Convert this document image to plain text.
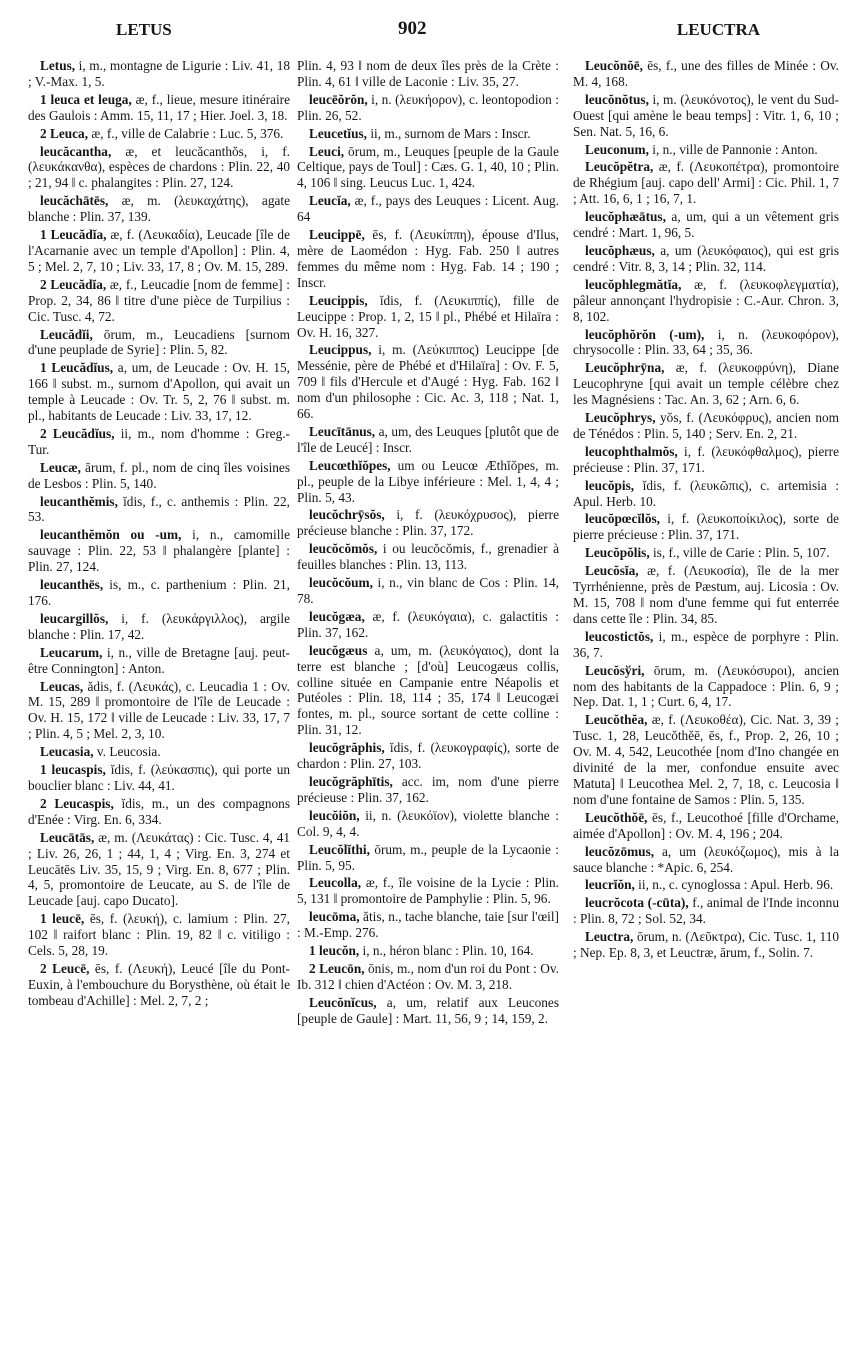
LETUS	902	LEUCTRA

Letus, i, m., montagne de Ligurie : Liv. 41, 18 ; V.-Max. 1, 5.

1 leuca et leuga, æ, f., lieue, mesure itinéraire des Gaulois : Amm. 15, 11, 17 ; Hier. Joel. 3, 18.

2 Leuca, æ, f., ville de Calabrie : Luc. 5, 376.

leucăcantha, æ, et leucăcanthŏs, i, f. (λευκάκανθα), espèces de chardons : Plin. 22, 40 ; 21, 94 ‖ c. phalangites : Plin. 27, 124.

leucăchātēs, æ, m. (λευκαχάτης), agate blanche : Plin. 37, 139.

1 Leucădĭa, æ, f. (Λευκαδία), Leucade [île de l'Acarnanie avec un temple d'Apollon] : Plin. 4, 5 ; Mel. 2, 7, 10 ; Liv. 33, 17, 8 ; Ov. M. 15, 289.

2 Leucădĭa, æ, f., Leucadie [nom de femme] : Prop. 2, 34, 86 ‖ titre d'une pièce de Turpilius : Cic. Tusc. 4, 72.

Leucădĭi, ōrum, m., Leucadiens [surnom d'une peuplade de Syrie] : Plin. 5, 82.

1 Leucădĭus, a, um, de Leucade : Ov. H. 15, 166 ‖ subst. m., surnom d'Apollon, qui avait un temple à Leucade : Ov. Tr. 5, 2, 76 ‖ subst. m. pl., habitants de Leucade : Liv. 33, 17, 12.

2 Leucădĭus, ii, m., nom d'homme : Greg.-Tur.

Leucæ, ārum, f. pl., nom de cinq îles voisines de Lesbos : Plin. 5, 140.

leucanthĕmis, ĭdis, f., c. anthemis : Plin. 22, 53.

leucanthĕmŏn ou -um, i, n., camomille sauvage : Plin. 22, 53 ‖ phalangère [plante] : Plin. 27, 124.

leucanthēs, is, m., c. parthenium : Plin. 21, 176.

leucargillŏs, i, f. (λευκάργιλλος), argile blanche : Plin. 17, 42.

Leucarum, i, n., ville de Bretagne [auj. peut-être Connington] : Anton.

Leucas, ădis, f. (Λευκάς), c. Leucadia 1 : Ov. M. 15, 289 ‖ promontoire de l'île de Leucade : Ov. H. 15, 172 ‖ ville de Leucade : Liv. 33, 17, 7 ; Plin. 4, 5 ; Mel. 2, 3, 10.

Leucasia, v. Leucosia.

1 leucaspis, ĭdis, f. (λεύκασπις), qui porte un bouclier blanc : Liv. 44, 41.

2 Leucaspis, ĭdis, m., un des compagnons d'Enée : Virg. En. 6, 334.

Leucātās, æ, m. (Λευκάτας) : Cic. Tusc. 4, 41 ; Liv. 26, 26, 1 ; 44, 1, 4 ; Virg. En. 3, 274 et Leucātēs Liv. 35, 15, 9 ; Virg. En. 8, 677 ; Plin. 4, 5, promontoire de Leucate, au S. de l'île de Leucade [auj. capo Ducato].

1 leucē, ēs, f. (λευκή), c. lamium : Plin. 27, 102 ‖ raifort blanc : Plin. 19, 82 ‖ c. vitiligo : Cels. 5, 28, 19.

2 Leucē, ēs, f. (Λευκή), Leucé [île du Pont-Euxin, à l'embouchure du Borysthène, où était le tombeau d'Achille] : Mel. 2, 7, 2 ;

Plin. 4, 93 ‖ nom de deux îles près de la Crète : Plin. 4, 61 ‖ ville de Laconie : Liv. 35, 27.

leucēŏrŏn, i, n. (λευκήορον), c. leontopodion : Plin. 26, 52.

Leucetĭus, ii, m., surnom de Mars : Inscr.

Leuci, ōrum, m., Leuques [peuple de la Gaule Celtique, pays de Toul] : Cæs. G. 1, 40, 10 ; Plin. 4, 106 ‖ sing. Leucus Luc. 1, 424.

Leucĭa, æ, f., pays des Leuques : Licent. Aug. 64

Leucippē, ēs, f. (Λευκίππη), épouse d'Ilus, mère de Laomédon : Hyg. Fab. 250 ‖ autres femmes du même nom : Hyg. Fab. 14 ; 190 ; Inscr.

Leucippis, ĭdis, f. (Λευκιππίς), fille de Leucippe : Prop. 1, 2, 15 ‖ pl., Phébé et Hilaïra : Ov. H. 16, 327.

Leucippus, i, m. (Λεύκιππος) Leucippe [de Messénie, père de Phébé et d'Hilaïra] : Ov. F. 5, 709 ‖ fils d'Hercule et d'Augé : Hyg. Fab. 162 ‖ nom d'un philosophe : Cic. Ac. 3, 118 ; Nat. 1, 66.

Leucītānus, a, um, des Leuques [plutôt que de l'île de Leucé] : Inscr.

Leucœthĭŏpes, um ou Leucœ Æthĭŏpes, m. pl., peuple de la Libye inférieure : Mel. 1, 4, 4 ; Plin. 5, 43.

leucŏchrȳsŏs, i, f. (λευκόχρυσος), pierre précieuse blanche : Plin. 37, 172.

leucŏcŏmŏs, i ou leucŏcŏmis, f., grenadier à feuilles blanches : Plin. 13, 113.

leucŏcŏum, i, n., vin blanc de Cos : Plin. 14, 78.

leucŏgæa, æ, f. (λευκόγαια), c. galactitis : Plin. 37, 162.

leucŏgæus a, um, m. (λευκόγαιος), dont la terre est blanche ; [d'où] Leucogæus collis, colline située en Campanie entre Néapolis et Putéoles : Plin. 18, 114 ; 35, 174 ‖ Leucogæi fontes, m. pl., source sortant de cette colline : Plin. 31, 12.

leucŏgrăphis, ĭdis, f. (λευκογραφίς), sorte de chardon : Plin. 27, 103.

leucŏgrăphītis, acc. im, nom d'une pierre précieuse : Plin. 37, 162.

leucŏiŏn, ii, n. (λευκόϊον), violette blanche : Col. 9, 4, 4.

Leucŏlĭthi, ōrum, m., peuple de la Lycaonie : Plin. 5, 95.

Leucolla, æ, f., île voisine de la Lycie : Plin. 5, 131 ‖ promontoire de Pamphylie : Plin. 5, 96.

leucōma, ătis, n., tache blanche, taie [sur l'œil] : M.-Emp. 276.

1 leucŏn, i, n., héron blanc : Plin. 10, 164.

2 Leucōn, ōnis, m., nom d'un roi du Pont : Ov. Ib. 312 ‖ chien d'Actéon : Ov. M. 3, 218.

Leucŏnĭcus, a, um, relatif aux Leucones [peuple de Gaule] : Mart. 11, 56, 9 ; 14, 159, 2.

Leucŏnŏē, ēs, f., une des filles de Minée : Ov. M. 4, 168.

leucŏnŏtus, i, m. (λευκόνοτος), le vent du Sud-Ouest [qui amène le beau temps] : Vitr. 1, 6, 10 ; Sen. Nat. 5, 16, 6.

Leuconum, i, n., ville de Pannonie : Anton.

Leucŏpĕtra, æ, f. (Λευκοπέτρα), promontoire de Rhégium [auj. capo dell' Armi] : Cic. Phil. 1, 7 ; Att. 16, 6, 1 ; 16, 7, 1.

leucŏphæātus, a, um, qui a un vêtement gris cendré : Mart. 1, 96, 5.

leucŏphæus, a, um (λευκόφαιος), qui est gris cendré : Vitr. 8, 3, 14 ; Plin. 32, 114.

leucŏphlegmătĭa, æ, f. (λευκοφλεγματία), pâleur annonçant l'hydropisie : C.-Aur. Chron. 3, 8, 102.

leucŏphŏrŏn (-um), i, n. (λευκοφόρον), chrysocolle : Plin. 33, 64 ; 35, 36.

Leucŏphrȳna, æ, f. (λευκοφρύνη), Diane Leucophryne [qui avait un temple célèbre chez les Magnésiens : Tac. An. 3, 62 ; Arn. 6, 6.

Leucŏphrys, yŏs, f. (Λευκόφρυς), ancien nom de Ténédos : Plin. 5, 140 ; Serv. En. 2, 21.

leucophthalmŏs, i, f. (λευκόφθαλμος), pierre précieuse : Plin. 37, 171.

leucŏpis, ĭdis, f. (λευκῶπις), c. artemisia : Apul. Herb. 10.

leucŏpœcĭlŏs, i, f. (λευκοποίκιλος), sorte de pierre précieuse : Plin. 37, 171.

Leucŏpŏlis, is, f., ville de Carie : Plin. 5, 107.

Leucŏsĭa, æ, f. (Λευκοσία), île de la mer Tyrrhénienne, près de Pæstum, auj. Licosia : Ov. M. 15, 708 ‖ nom d'une femme qui fut enterrée dans cette île : Plin. 34, 85.

leucostictŏs, i, m., espèce de porphyre : Plin. 36, 7.

Leucŏsўri, ōrum, m. (Λευκόσυροι), ancien nom des habitants de la Cappadoce : Plin. 6, 9 ; Nep. Dat. 1, 1 ; Curt. 6, 4, 17.

Leucŏthĕa, æ, f. (Λευκοθέα), Cic. Nat. 3, 39 ; Tusc. 1, 28, Leucŏthĕē, ēs, f., Prop. 2, 26, 10 ; Ov. M. 4, 542, Leucothée [nom d'Ino changée en divinité de la mer, confondue ensuite avec Matuta] ‖ Leucothea Mel. 2, 7, 18, c. Leucosia ‖ nom d'une fontaine de Samos : Plin. 5, 135.

Leucŏthŏē, ēs, f., Leucothoé [fille d'Orchame, aimée d'Apollon] : Ov. M. 4, 196 ; 204.

leucŏzōmus, a, um (λευκόζωμος), mis à la sauce blanche : *Apic. 6, 254.

leucrĭŏn, ii, n., c. cynoglossa : Apul. Herb. 96.

leucrŏcota (-cūta), f., animal de l'Inde inconnu : Plin. 8, 72 ; Sol. 52, 34.

Leuctra, ōrum, n. (Λεῦκτρα), Cic. Tusc. 1, 110 ; Nep. Ep. 8, 3, et Leuctræ, ārum, f., Solin. 7.
